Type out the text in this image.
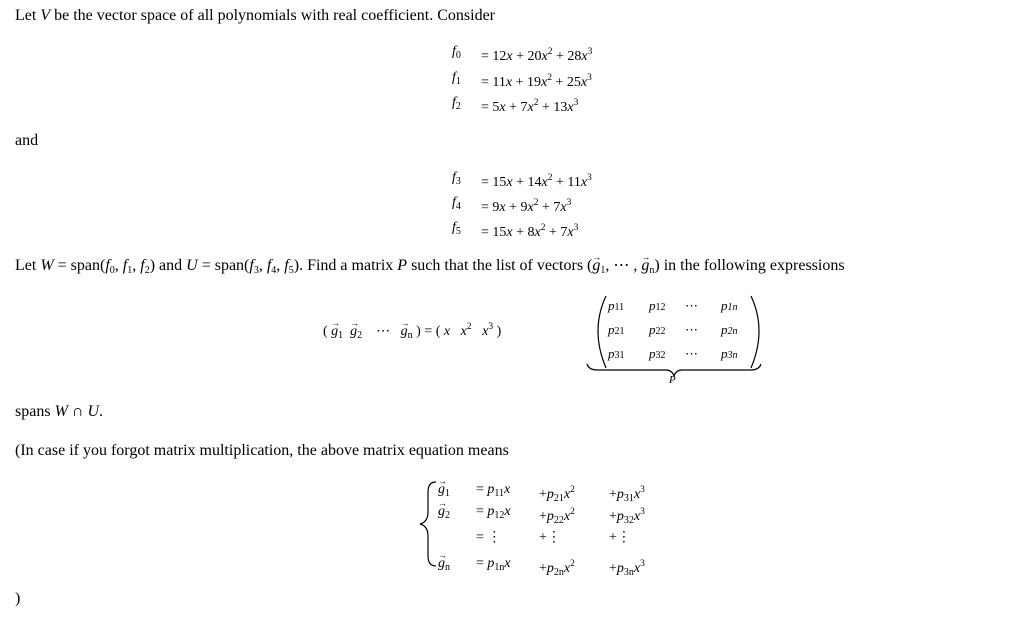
Let V be the vector space of all polynomials with real coefficient. Consider
$f_0 = 12x + 20x^2 + 28x^3$
$f_1 = 11x + 19x^2 + 25x^3$
$f_2 = 5x + 7x^2 + 13x^3$
and
$f_3 = 15x + 14x^2 + 11x^3$
$f_4 = 9x + 9x^2 + 7x^3$
$f_5 = 15x + 8x^2 + 7x^3$
Let $W = span(f_0$, $f_1$, $f_2$) and $U = span(f_3$, $f_4$, $f_5$). Find a matrix P such that the list of vectors (→ $g_1$, ⋯ , → $g_n$) in the following expressions
( → $g_1 \to g_2$    ⋯   → $g_n$ ) = ( x $x^2$ $x^3$ )
p11 p12 ⋯ p1n
p21 p22 ⋯ p2n
p31 p32 ⋯ p3n
P
spans W ∩ U.
(In case if you forgot matrix multiplication, the above matrix equation means
→ $g_1 = p_{11}x +p_{21}x^2 +p_{31}x^3$
→ $g_2 = p_{12}x +p_{22}x^2 +p_{32}x^3$
= ⋮	+⋮	+⋮
→ $g_n = p_{1n}x +p_{2n}x^2 +p_{3n}x^3$
)
